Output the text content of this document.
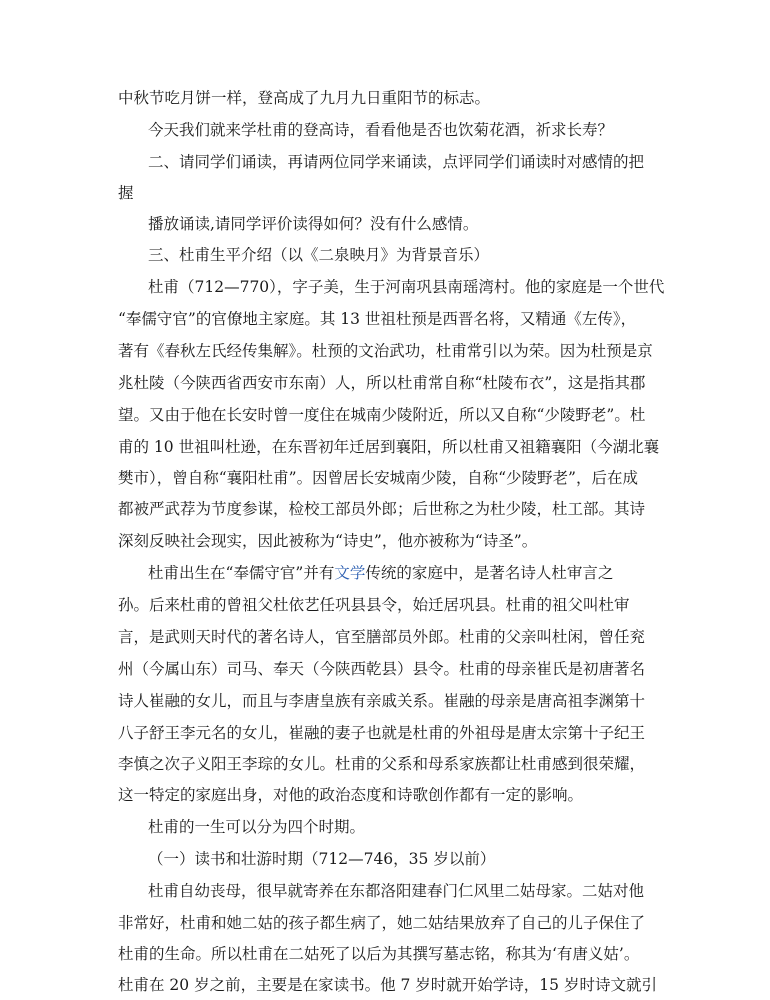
中秋节吃月饼一样，登高成了九月九日重阳节的标志。
今天我们就来学杜甫的登高诗，看看他是否也饮菊花酒，祈求长寿？
二、请同学们诵读，再请两位同学来诵读，点评同学们诵读时对感情的把
握
播放诵读,请同学评价读得如何？没有什么感情。
三、杜甫生平介绍（以《二泉映月》为背景音乐）
杜甫（712—770），字子美，生于河南巩县南瑶湾村。他的家庭是一个世代
“奉儒守官”的官僚地主家庭。其 13 世祖杜预是西晋名将，又精通《左传》，
著有《春秋左氏经传集解》。杜预的文治武功，杜甫常引以为荣。因为杜预是京
兆杜陵（今陕西省西安市东南）人，所以杜甫常自称“杜陵布衣”，这是指其郡
望。又由于他在长安时曾一度住在城南少陵附近，所以又自称“少陵野老”。杜
甫的 10 世祖叫杜逊，在东晋初年迁居到襄阳，所以杜甫又祖籍襄阳（今湖北襄
樊市），曾自称“襄阳杜甫”。因曾居长安城南少陵，自称“少陵野老”，后在成
都被严武荐为节度参谋，检校工部员外郎；后世称之为杜少陵，杜工部。其诗
深刻反映社会现实，因此被称为“诗史”，他亦被称为“诗圣”。
杜甫出生在“奉儒守官”并有文学传统的家庭中，是著名诗人杜审言之
孙。后来杜甫的曾祖父杜依艺任巩县县令，始迁居巩县。杜甫的祖父叫杜审
言，是武则天时代的著名诗人，官至膳部员外郎。杜甫的父亲叫杜闲，曾任兖
州（今属山东）司马、奉天（今陕西乾县）县令。杜甫的母亲崔氏是初唐著名
诗人崔融的女儿，而且与李唐皇族有亲戚关系。崔融的母亲是唐高祖李渊第十
八子舒王李元名的女儿，崔融的妻子也就是杜甫的外祖母是唐太宗第十子纪王
李慎之次子义阳王李琮的女儿。杜甫的父系和母系家族都让杜甫感到很荣耀，
这一特定的家庭出身，对他的政治态度和诗歌创作都有一定的影响。
杜甫的一生可以分为四个时期。
（一）读书和壮游时期（712—746，35 岁以前）
杜甫自幼丧母，很早就寄养在东都洛阳建春门仁风里二姑母家。二姑对他
非常好，杜甫和她二姑的孩子都生病了，她二姑结果放弃了自己的儿子保住了
杜甫的生命。所以杜甫在二姑死了以后为其撰写墓志铭，称其为‘有唐义姑’。
杜甫在 20 岁之前，主要是在家读书。他 7 岁时就开始学诗，15 岁时诗文就引
